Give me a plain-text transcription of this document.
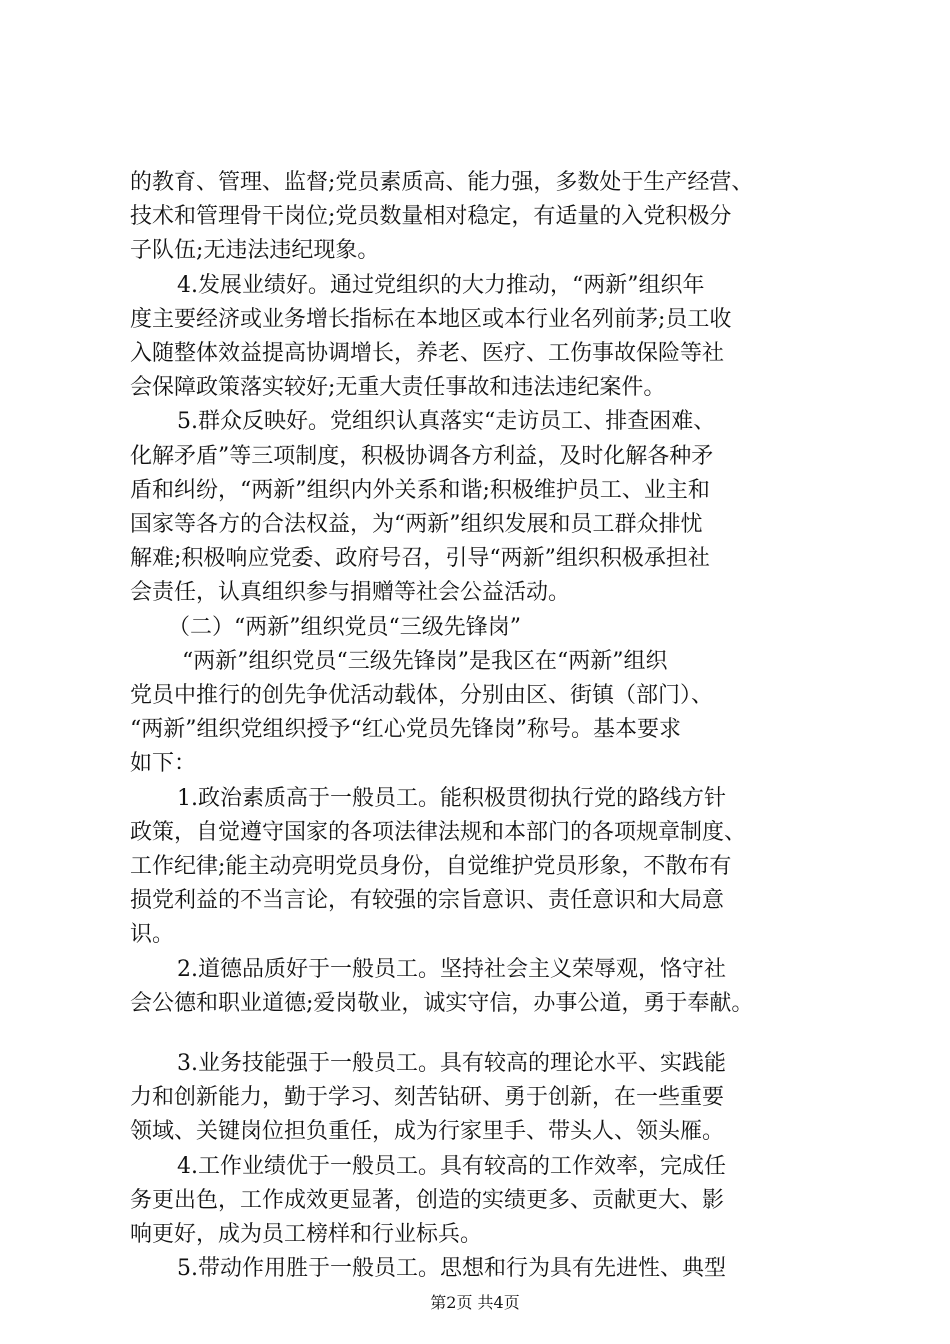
第2页 共4页
的教育、管理、监督;党员素质高、能力强，多数处于生产经营、
技术和管理骨干岗位;党员数量相对稳定，有适量的入党积极分
子队伍;无违法违纪现象。
4.发展业绩好。通过党组织的大力推动，“两新”组织年
度主要经济或业务增长指标在本地区或本行业名列前茅;员工收
入随整体效益提高协调增长，养老、医疗、工伤事故保险等社
会保障政策落实较好;无重大责任事故和违法违纪案件。
5.群众反映好。党组织认真落实“走访员工、排查困难、
化解矛盾”等三项制度，积极协调各方利益，及时化解各种矛
盾和纠纷，“两新”组织内外关系和谐;积极维护员工、业主和
国家等各方的合法权益，为“两新”组织发展和员工群众排忧
解难;积极响应党委、政府号召，引导“两新”组织积极承担社
会责任，认真组织参与捐赠等社会公益活动。
（二）“两新”组织党员“三级先锋岗”
“两新”组织党员“三级先锋岗”是我区在“两新”组织
党员中推行的创先争优活动载体，分别由区、街镇（部门）、
“两新”组织党组织授予“红心党员先锋岗”称号。基本要求
如下：
1.政治素质高于一般员工。能积极贯彻执行党的路线方针
政策，自觉遵守国家的各项法律法规和本部门的各项规章制度、
工作纪律;能主动亮明党员身份，自觉维护党员形象，不散布有
损党利益的不当言论，有较强的宗旨意识、责任意识和大局意
识。
2.道德品质好于一般员工。坚持社会主义荣辱观，恪守社
会公德和职业道德;爱岗敬业，诚实守信，办事公道，勇于奉献。
3.业务技能强于一般员工。具有较高的理论水平、实践能
力和创新能力，勤于学习、刻苦钻研、勇于创新，在一些重要
领域、关键岗位担负重任，成为行家里手、带头人、领头雁。
4.工作业绩优于一般员工。具有较高的工作效率，完成任
务更出色，工作成效更显著，创造的实绩更多、贡献更大、影
响更好，成为员工榜样和行业标兵。
5.带动作用胜于一般员工。思想和行为具有先进性、典型
